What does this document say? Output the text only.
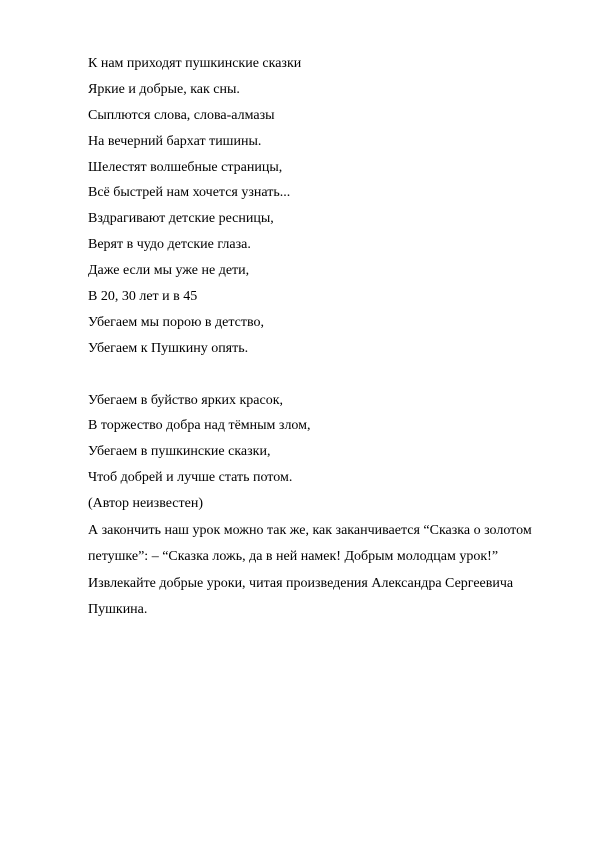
К нам приходят пушкинские сказки
Яркие и добрые, как сны.
Сыплются слова, слова-алмазы
На вечерний бархат тишины.
Шелестят волшебные страницы,
Всё быстрей нам хочется узнать...
Вздрагивают детские ресницы,
Верят в чудо детские глаза.
Даже если мы уже не дети,
В 20, 30 лет и в 45
Убегаем мы порою в детство,
Убегаем к Пушкину опять.
Убегаем в буйство ярких красок,
В торжество добра над тёмным злом,
Убегаем в пушкинские сказки,
Чтоб добрей и лучше стать потом.
(Автор неизвестен)
А закончить наш урок можно так же, как заканчивается “Сказка о золотом
петушке”: – “Сказка ложь, да в ней намек! Добрым молодцам урок!”
Извлекайте добрые уроки, читая произведения Александра Сергеевича
Пушкина.
